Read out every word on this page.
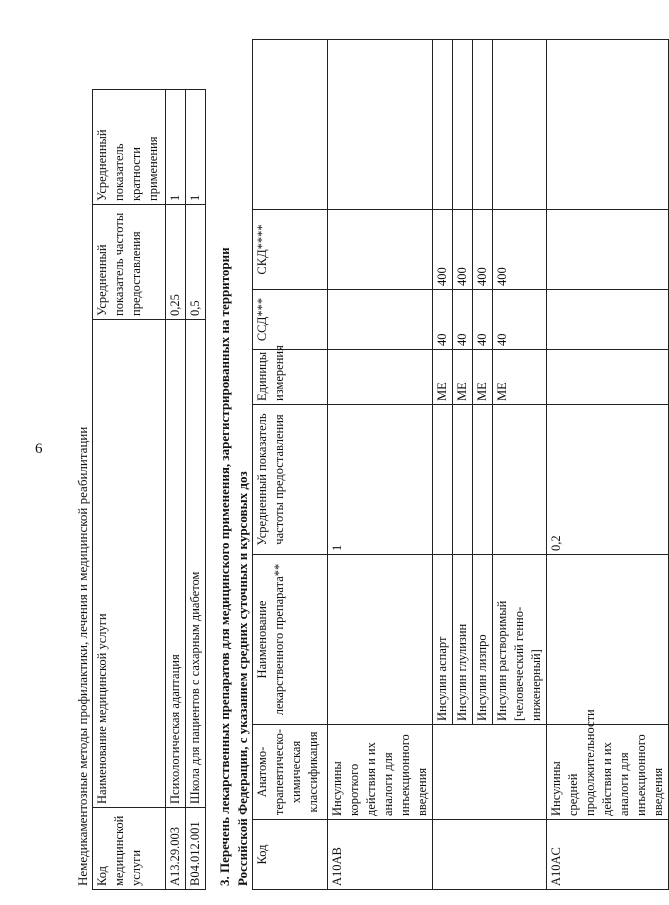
6	Немедикаментозные методы профилактики, лечения и медицинской реабилитации Код медицинской услуги	Наименование медицинской услуги	Усредненный показатель частоты предоставления	Усредненный показатель кратности применения
A13.29.003	Психологическая адаптация	0,25	1
B04.012.001	Школа для пациентов с сахарным диабетом	0,5	1

3. Перечень лекарственных препаратов для медицинского применения, зарегистрированных на территории Российской Федерации, с указанием средних суточных и курсовых доз Код	Анатомо-терапевтическо-химическая классификация	Наименование лекарственного препарата**	Усредненный показатель частоты предоставления	Единицы измерения	ССД***	СКД****	
A10AB	Инсулины короткого действия и их аналоги для инъекционного введения		1				
		Инсулин аспарт		МЕ	40	400	
		Инсулин глулизин		МЕ	40	400	
		Инсулин лизпро		МЕ	40	400	
		Инсулин растворимый [человеческий генно-инженерный]		МЕ	40	400	
A10AC	Инсулины средней продолжительности действия и их аналоги для инъекционного введения		0,2				
